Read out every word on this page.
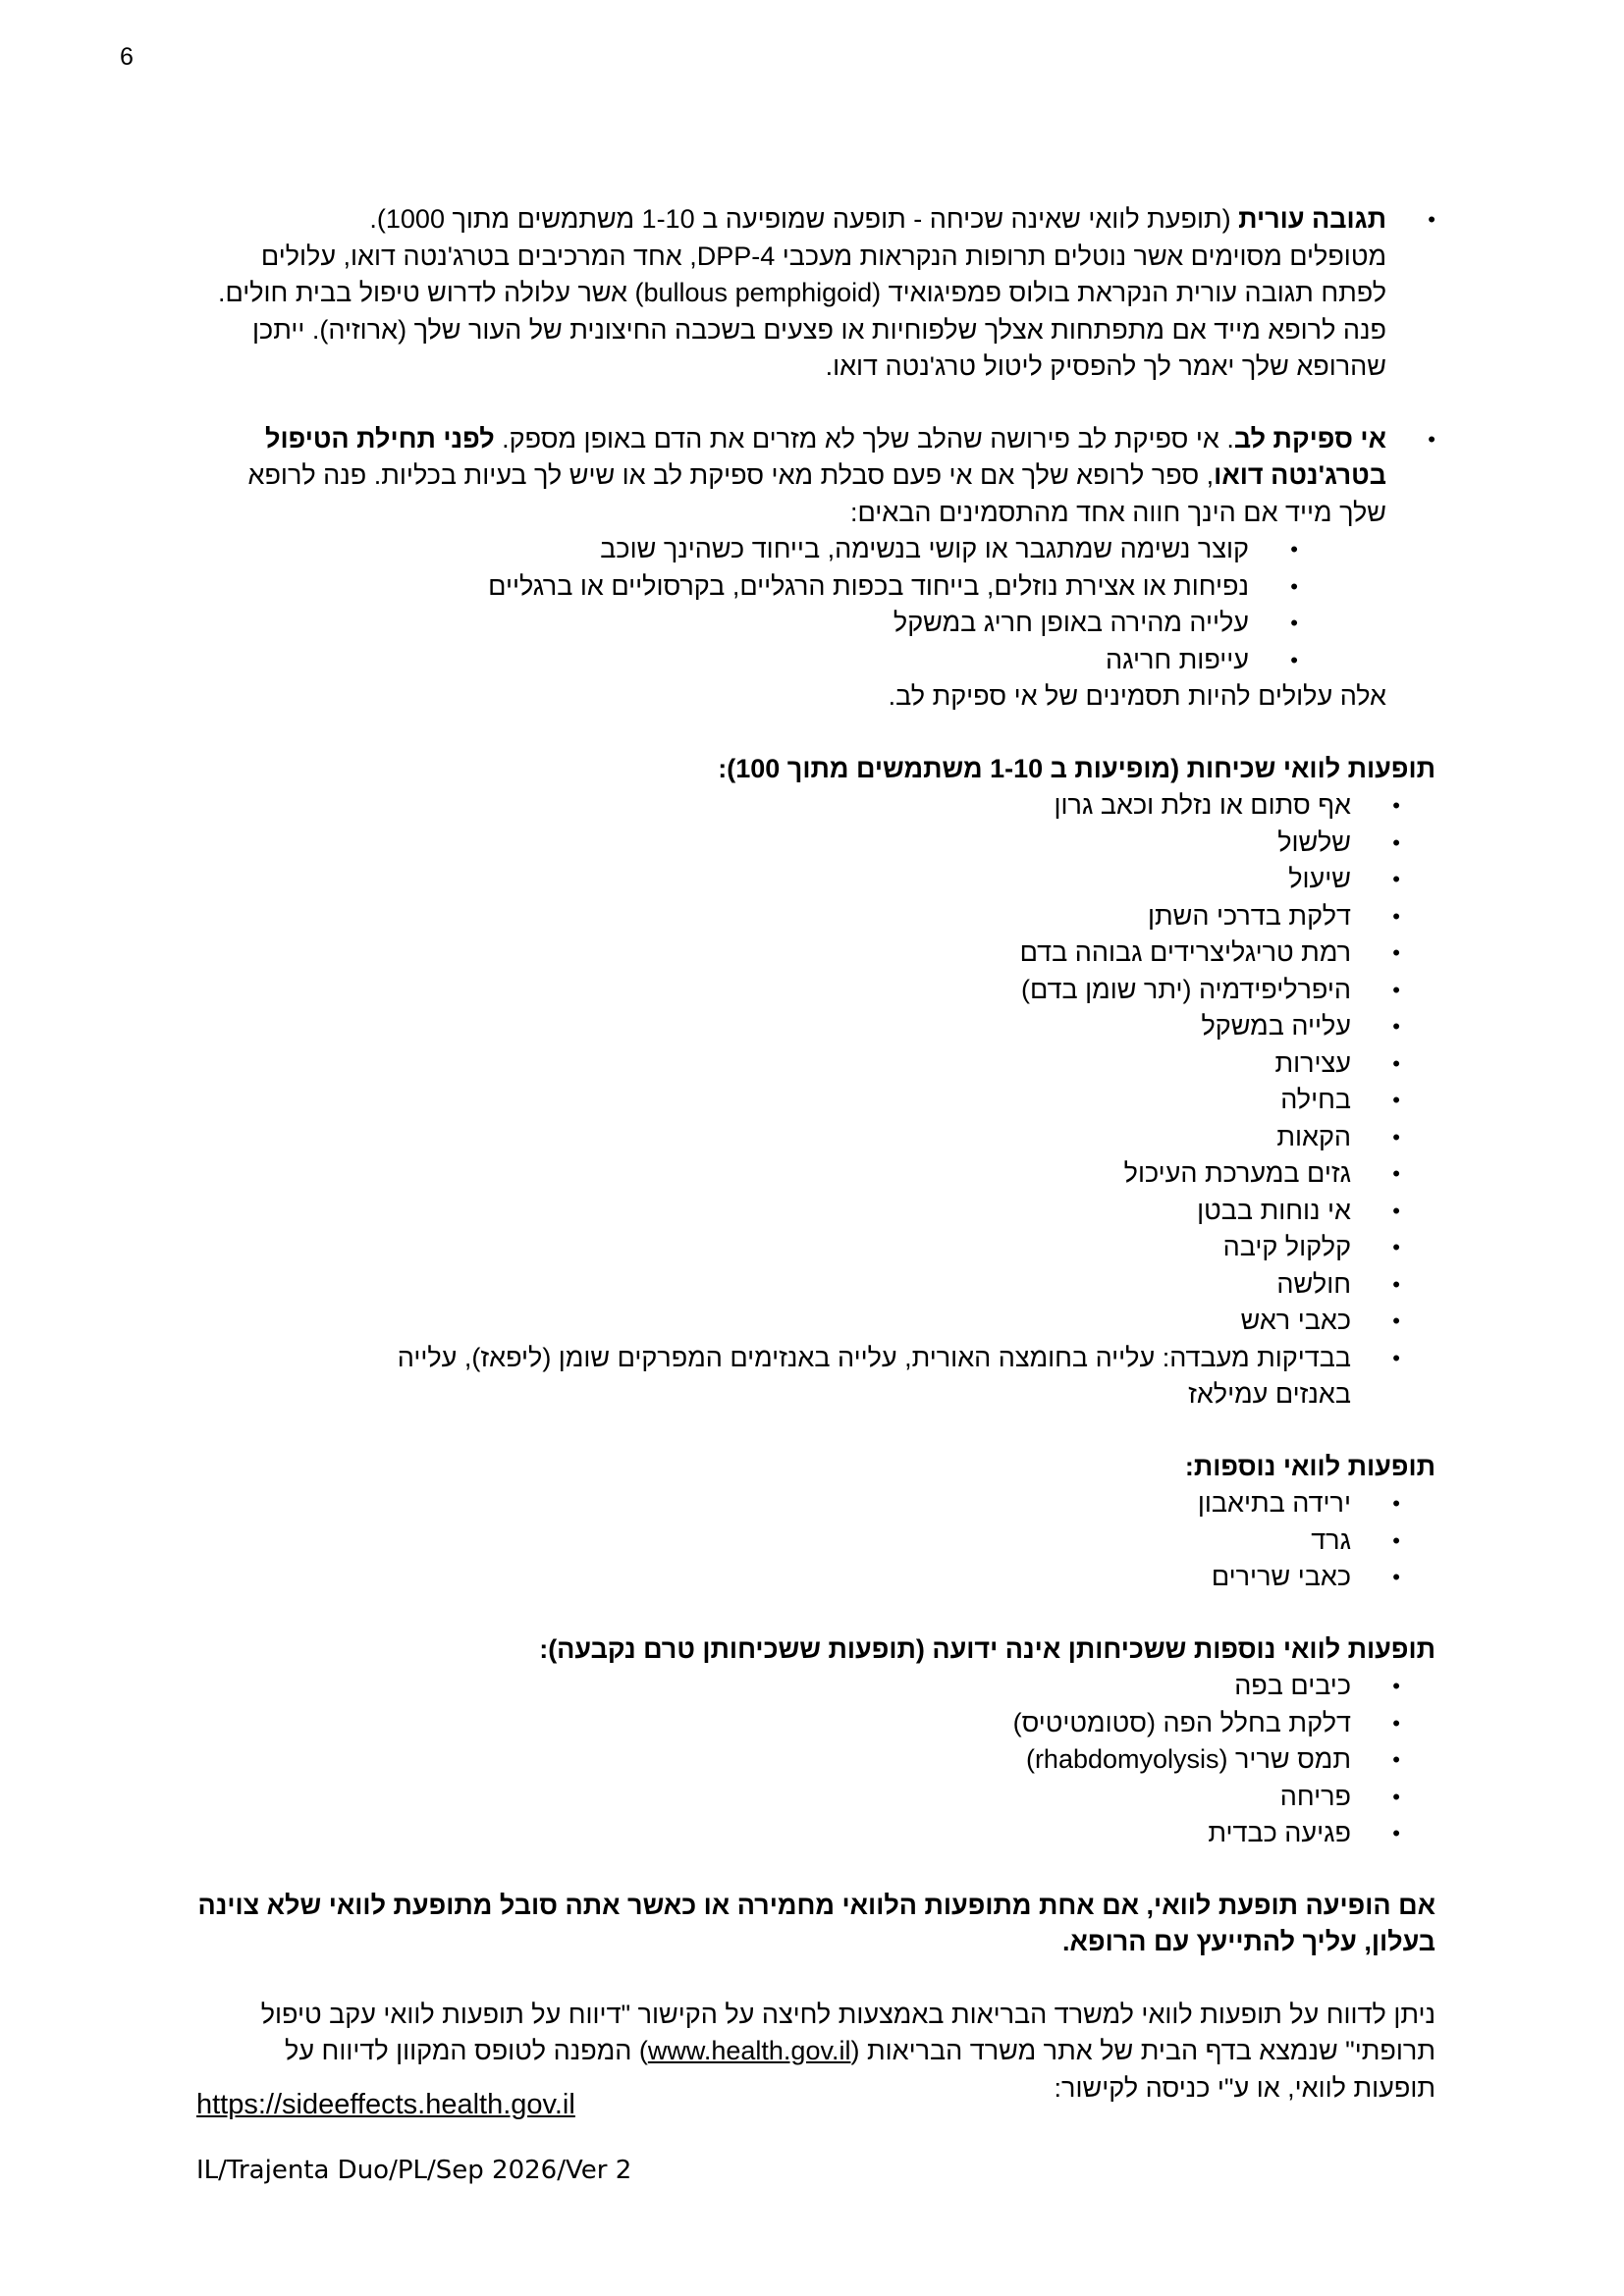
6

• תגובה עורית (תופעת לוואי שאינה שכיחה - תופעה שמופיעה ב 1-10 משתמשים מתוך 1000).

מטופלים מסוימים אשר נוטלים תרופות הנקראות מעכבי DPP-4, אחד המרכיבים בטרג'נטה דואו, עלולים לפתח תגובה עורית הנקראת בולוס פמפיגואיד (bullous pemphigoid) אשר עלולה לדרוש טיפול בבית חולים. פנה לרופא מייד אם מתפתחות אצלך שלפוחיות או פצעים בשכבה החיצונית של העור שלך (ארוזיה). ייתכן שהרופא שלך יאמר לך להפסיק ליטול טרג'נטה דואו.

• אי ספיקת לב. אי ספיקת לב פירושה שהלב שלך לא מזרים את הדם באופן מספק. לפני תחילת הטיפול בטרג'נטה דואו, ספר לרופא שלך אם אי פעם סבלת מאי ספיקת לב או שיש לך בעיות בכליות. פנה לרופא שלך מייד אם הינך חווה אחד מהתסמינים הבאים:

• קוצר נשימה שמתגבר או קושי בנשימה, בייחוד כשהינך שוכב
• נפיחות או אצירת נוזלים, בייחוד בכפות הרגליים, בקרסוליים או ברגליים
• עלייה מהירה באופן חריג במשקל
• עייפות חריגה

אלה עלולים להיות תסמינים של אי ספיקת לב.

תופעות לוואי שכיחות (מופיעות ב 1-10 משתמשים מתוך 100):

• אף סתום או נזלת וכאב גרון
• שלשול
• שיעול
• דלקת בדרכי השתן
• רמת טריגליצרידים גבוהה בדם
• היפרליפידמיה (יתר שומן בדם)
• עלייה במשקל
• עצירות
• בחילה
• הקאות
• גזים במערכת העיכול
• אי נוחות בבטן
• קלקול קיבה
• חולשה
• כאבי ראש
• בבדיקות מעבדה: עלייה בחומצה האורית, עלייה באנזימים המפרקים שומן (ליפאז), עלייה באנזים עמילאז

תופעות לוואי נוספות:

• ירידה בתיאבון
• גרד
• כאבי שרירים

תופעות לוואי נוספות ששכיחותן אינה ידועה (תופעות ששכיחותן טרם נקבעה):

• כיבים בפה
• דלקת בחלל הפה (סטומטיטיס)
• תמס שריר (rhabdomyolysis)
• פריחה
• פגיעה כבדית

אם הופיעה תופעת לוואי, אם אחת מתופעות הלוואי מחמירה או כאשר אתה סובל מתופעת לוואי שלא צוינה בעלון, עליך להתייעץ עם הרופא.

ניתן לדווח על תופעות לוואי למשרד הבריאות באמצעות לחיצה על הקישור "דיווח על תופעות לוואי עקב טיפול תרופתי" שנמצא בדף הבית של אתר משרד הבריאות (www.health.gov.il) המפנה לטופס המקוון לדיווח על תופעות לוואי, או ע"י כניסה לקישור:

https://sideeffects.health.gov.il
IL/Trajenta Duo/PL/Sep 2026/Ver 2
